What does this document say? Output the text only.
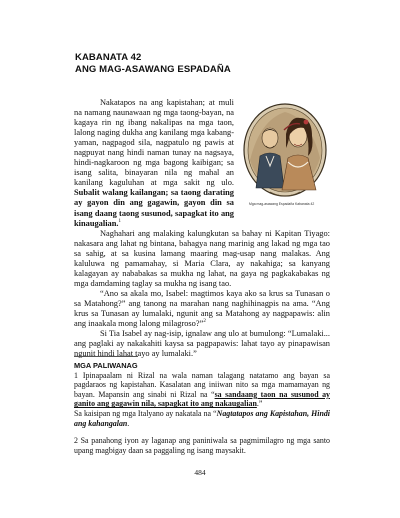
KABANATA 42
ANG MAG-ASAWANG ESPADAÑA
Mga mag-asawang Espadaña Kabanata 42

Nakatapos na ang kapistahan; at muli na namang naunawaan ng mga taong-bayan, na kagaya rin ng ibang nakalipas na mga taon, lalong naging dukha ang kanilang mga kabang-yaman, nagpagod sila, nagpatulo ng pawis at nagpuyat nang hindi naman tunay na nagsaya, hindi-nagkaroon ng mga bagong kaibigan; sa isang salita, binayaran nila ng mahal an kanilang kaguluhan at mga sakit ng ulo. Subalit walang kailangan; sa taong darating ay gayon din ang gagawin, gayon din sa isang daang taong susunod, sapagkat ito ang kinaugalian.$^1$

Naghahari ang malaking kalungkutan sa bahay ni Kapitan Tiyago: nakasara ang lahat ng bintana, bahagya nang marinig ang lakad ng mga tao sa sahig, at sa kusina lamang maaring mag-usap nang malakas. Ang kaluluwa ng pamamahay, si Maria Clara, ay nakahiga; sa kanyang kalagayan ay nababakas sa mukha ng lahat, na gaya ng pagkakabakas ng mga damdaming taglay sa mukha ng isang tao.

“Ano sa akala mo, Isabel: magtimos kaya ako sa krus sa Tunasan o sa Matahong?” ang tanong na marahan nang naghihinagpis na ama. “Ang krus sa Tunasan ay lumalaki, ngunit ang sa Matahong ay nagpapawis: alin ang inaakala mong lalong milagroso?”$^2$

Si Tia Isabel ay nag-isip, ignalaw ang ulo at bumulong: “Lumalaki... ang paglaki ay nakakahiti kaysa sa pagpapawis: lahat tayo ay pinapawisan ngunit hindi lahat tayo ay lumalaki.”

MGA PALIWANAG

1 Ipinapaalam ni Rizal na wala naman talagang natatamo ang bayan sa pagdaraos ng kapistahan. Kasalatan ang iniiwan nito sa mga mamamayan ng bayan. Mapansin ang sinabi ni Rizal na “sa sandaang taon na susunod ay ganito ang gagawin nila, sapagkat ito ang nakaugalian.”

Sa kaisipan ng mga Italyano ay nakatala na “Nagtatapos ang Kapistahan, Hindi ang kahangalan.

2 Sa panahong iyon ay laganap ang paniniwala sa pagmimilagro ng mga santo upang magbigay daan sa paggaling ng isang maysakit.

484
